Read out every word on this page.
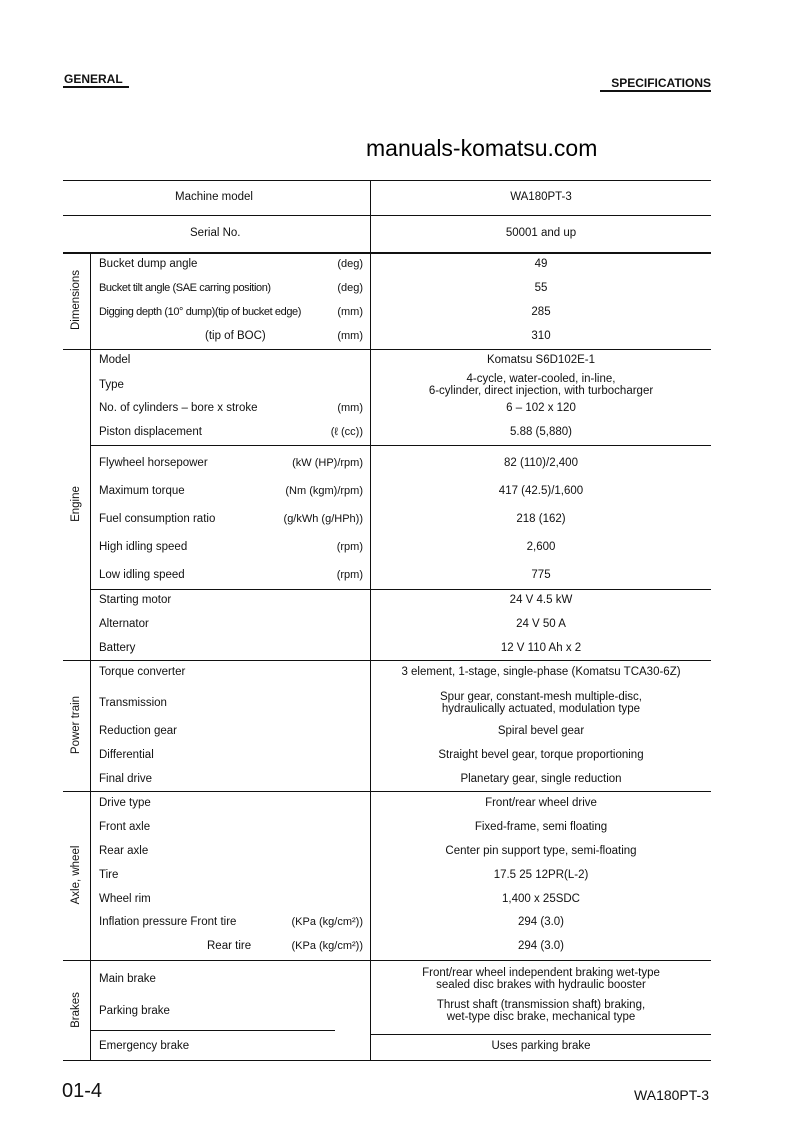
GENERAL	SPECIFICATIONS
manuals-komatsu.com
Machine model	WA180PT-3
Serial No.	50001 and up
Dimensions
Engine
Power train
Axle, wheel
Brakes
Bucket dump angle	(deg)	49
Bucket tilt angle (SAE carring position)	(deg)	55
Digging depth (10° dump)(tip of bucket edge)	(mm)	285
(tip of BOC)	(mm)	310
Model	Komatsu S6D102E-1
Type	4-cycle, water-cooled, in-line,
6-cylinder, direct injection, with turbocharger
No. of cylinders – bore x stroke	(mm)	6 – 102 x 120
Piston displacement	(ℓ (cc))	5.88 (5,880)
Flywheel horsepower	(kW (HP)/rpm)	82 (110)/2,400
Maximum torque	(Nm (kgm)/rpm)	417 (42.5)/1,600
Fuel consumption ratio	(g/kWh (g/HPh))	218 (162)
High idling speed	(rpm)	2,600
Low idling speed	(rpm)	775
Starting motor	24 V 4.5 kW
Alternator	24 V 50 A
Battery	12 V 110 Ah x 2
Torque converter	3 element, 1-stage, single-phase (Komatsu TCA30-6Z)
Transmission	Spur gear, constant-mesh multiple-disc,
hydraulically actuated, modulation type
Reduction gear	Spiral bevel gear
Differential	Straight bevel gear, torque proportioning
Final drive	Planetary gear, single reduction
Drive type	Front/rear wheel drive
Front axle	Fixed-frame, semi floating
Rear axle	Center pin support type, semi-floating
Tire	17.5 25 12PR(L-2)
Wheel rim	1,400 x 25SDC
Inflation pressure Front tire	(KPa (kg/cm²))	294 (3.0)
Rear tire	(KPa (kg/cm²))	294 (3.0)
Main brake	Front/rear wheel independent braking wet-type
sealed disc brakes with hydraulic booster
Parking brake	Thrust shaft (transmission shaft) braking,
wet-type disc brake, mechanical type
Emergency brake	Uses parking brake
01-4	WA180PT-3
